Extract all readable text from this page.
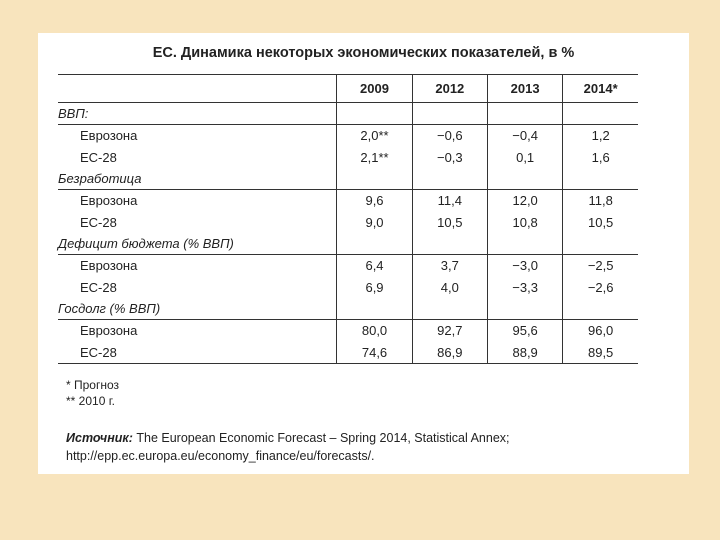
ЕС. Динамика некоторых экономических показателей, в %
	2009	2012	2013	2014*
ВВП:				
Еврозона	2,0**	−0,6	−0,4	1,2
ЕС-28	2,1**	−0,3	0,1	1,6
Безработица				
Еврозона	9,6	11,4	12,0	11,8
ЕС-28	9,0	10,5	10,8	10,5
Дефицит бюджета (% ВВП)				
Еврозона	6,4	3,7	−3,0	−2,5
ЕС-28	6,9	4,0	−3,3	−2,6
Госдолг (% ВВП)				
Еврозона	80,0	92,7	95,6	96,0
ЕС-28	74,6	86,9	88,9	89,5
* Прогноз
** 2010 г.
Источник: The European Economic Forecast – Spring 2014, Statistical Annex; http://epp.ec.europa.eu/economy_finance/eu/forecasts/.
